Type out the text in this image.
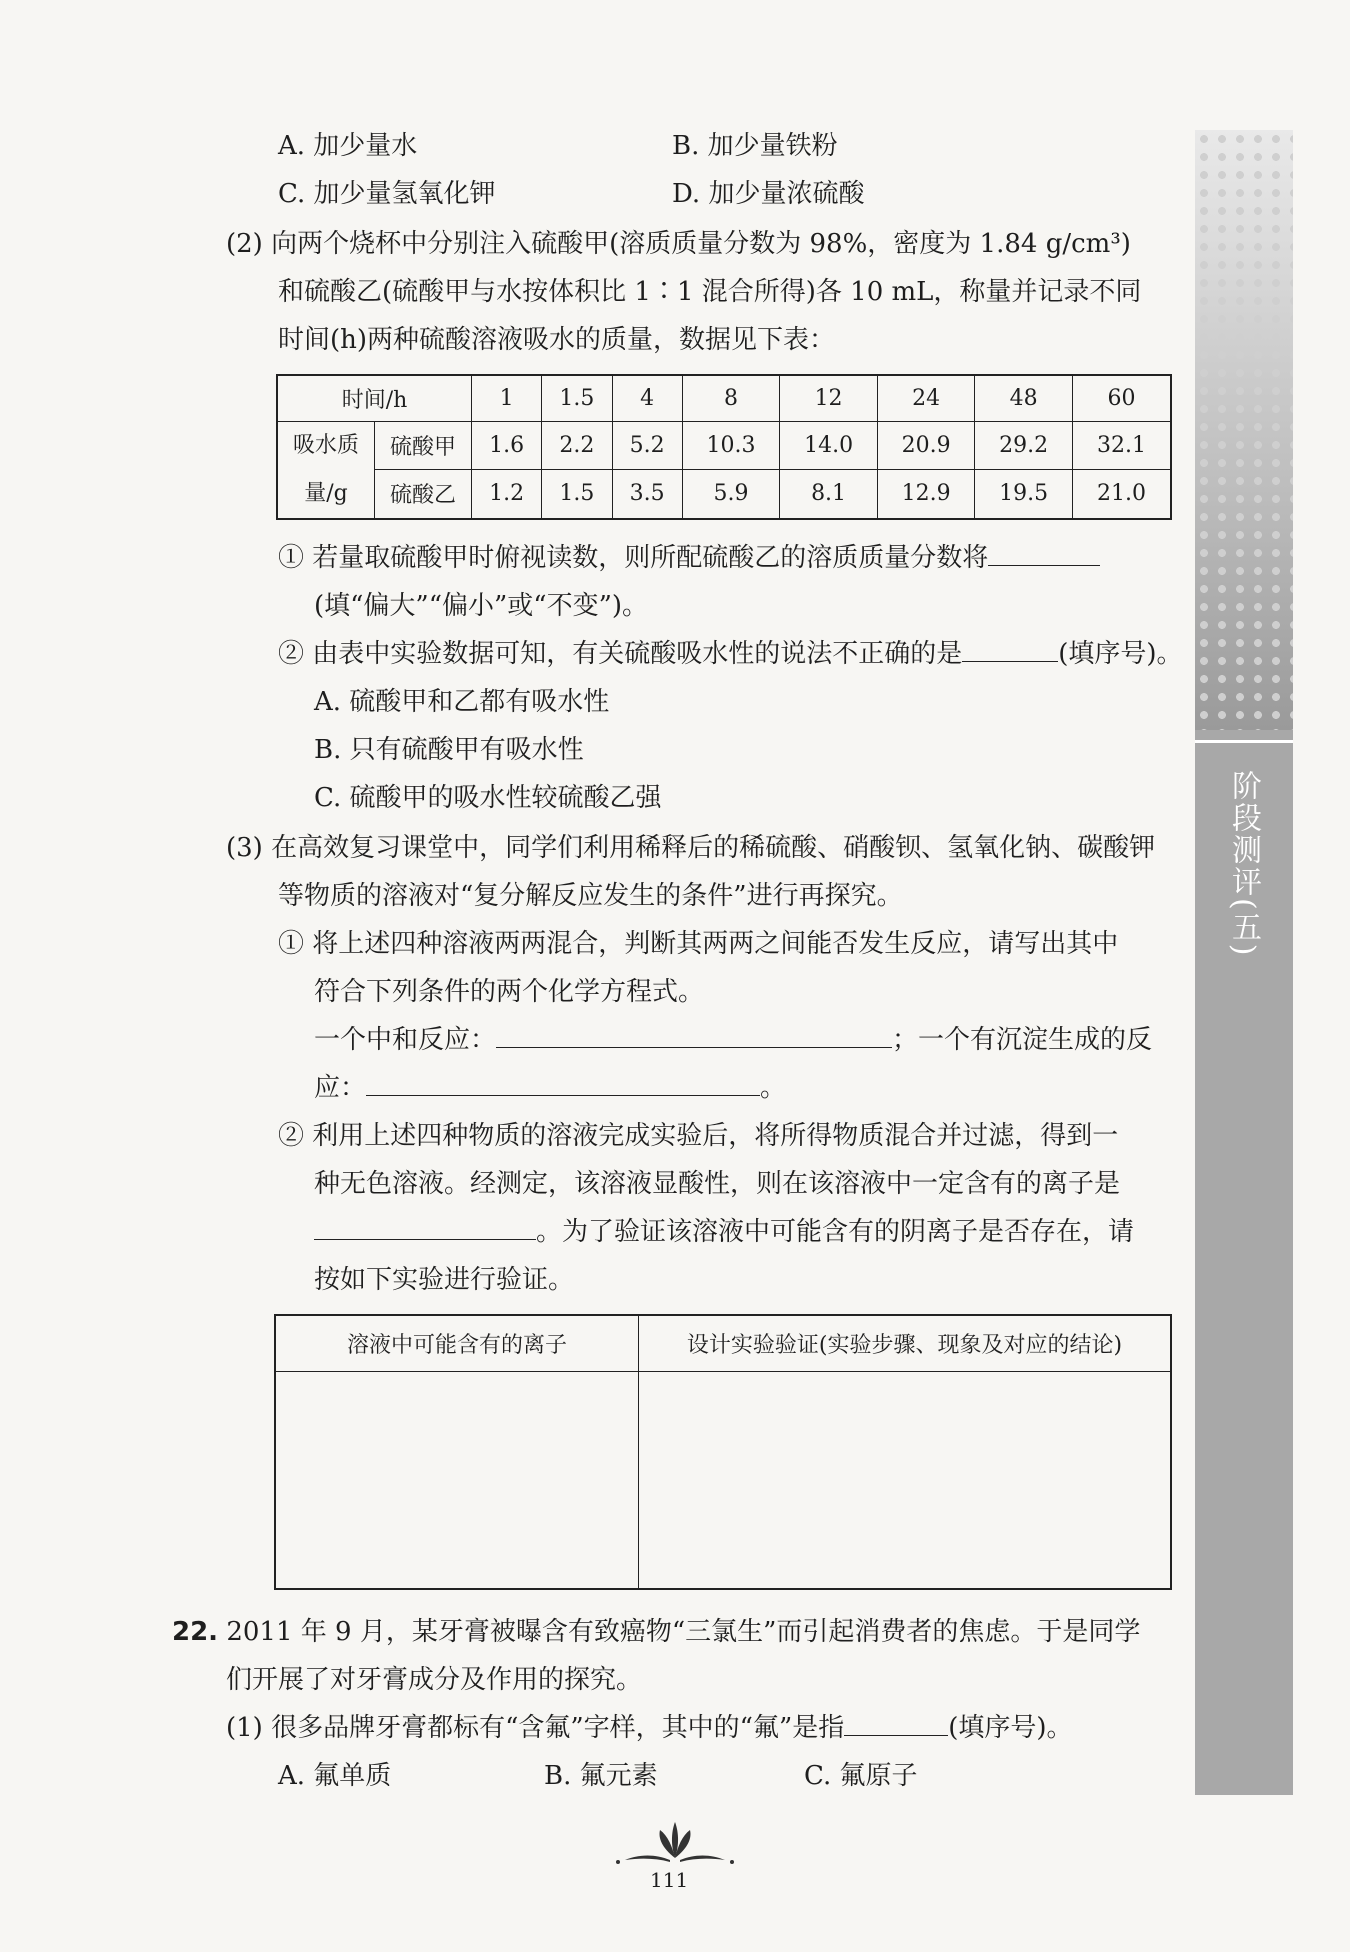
A. 加少量水	B. 加少量铁粉
C. 加少量氢氧化钾	D. 加少量浓硫酸
(2) 向两个烧杯中分别注入硫酸甲(溶质质量分数为 98%，密度为 1.84 g/cm³)
和硫酸乙(硫酸甲与水按体积比 1∶1 混合所得)各 10 mL，称量并记录不同
时间(h)两种硫酸溶液吸水的质量，数据见下表：
时间/h		1	1.5	4	8	12	24	48	60

吸水质
量/g	硫酸甲	1.6	2.2	5.2	10.3	14.0	20.9	29.2	32.1
	硫酸乙	1.2	1.5	3.5	5.9	8.1	12.9	19.5	21.0
① 若量取硫酸甲时俯视读数，则所配硫酸乙的溶质质量分数将
(填“偏大”“偏小”或“不变”)。
② 由表中实验数据可知，有关硫酸吸水性的说法不正确的是	(填序号)。
A. 硫酸甲和乙都有吸水性
B. 只有硫酸甲有吸水性
C. 硫酸甲的吸水性较硫酸乙强
(3) 在高效复习课堂中，同学们利用稀释后的稀硫酸、硝酸钡、氢氧化钠、碳酸钾
等物质的溶液对“复分解反应发生的条件”进行再探究。
① 将上述四种溶液两两混合，判断其两两之间能否发生反应，请写出其中
符合下列条件的两个化学方程式。
一个中和反应：	；一个有沉淀生成的反
应：	。
② 利用上述四种物质的溶液完成实验后，将所得物质混合并过滤，得到一
种无色溶液。经测定，该溶液显酸性，则在该溶液中一定含有的离子是
。为了验证该溶液中可能含有的阴离子是否存在，请
按如下实验进行验证。
溶液中可能含有的离子	设计实验验证(实验步骤、现象及对应的结论)

22. 2011 年 9 月，某牙膏被曝含有致癌物“三氯生”而引起消费者的焦虑。于是同学
们开展了对牙膏成分及作用的探究。
(1) 很多品牌牙膏都标有“含氟”字样，其中的“氟”是指	(填序号)。
A. 氟单质	B. 氟元素	C. 氟原子
阶段测评(五)
111
